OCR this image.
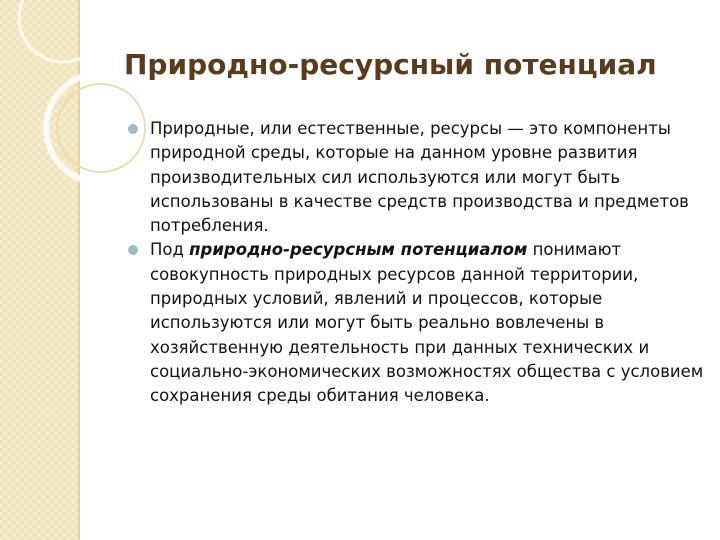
Природно-ресурсный потенциал
Природные, или естественные, ресурсы — это компоненты природной среды, которые на данном уровне развития производительных сил используются или могут быть использованы в качестве средств производства и предметов потребления.
Под природно-ресурсным потенциалом понимают совокупность природных ресурсов данной территории, природных условий, явлений и процессов, которые используются или могут быть реально вовлечены в хозяйственную деятельность при данных технических и социально-экономических возможностях общества с условием сохранения среды обитания человека.
